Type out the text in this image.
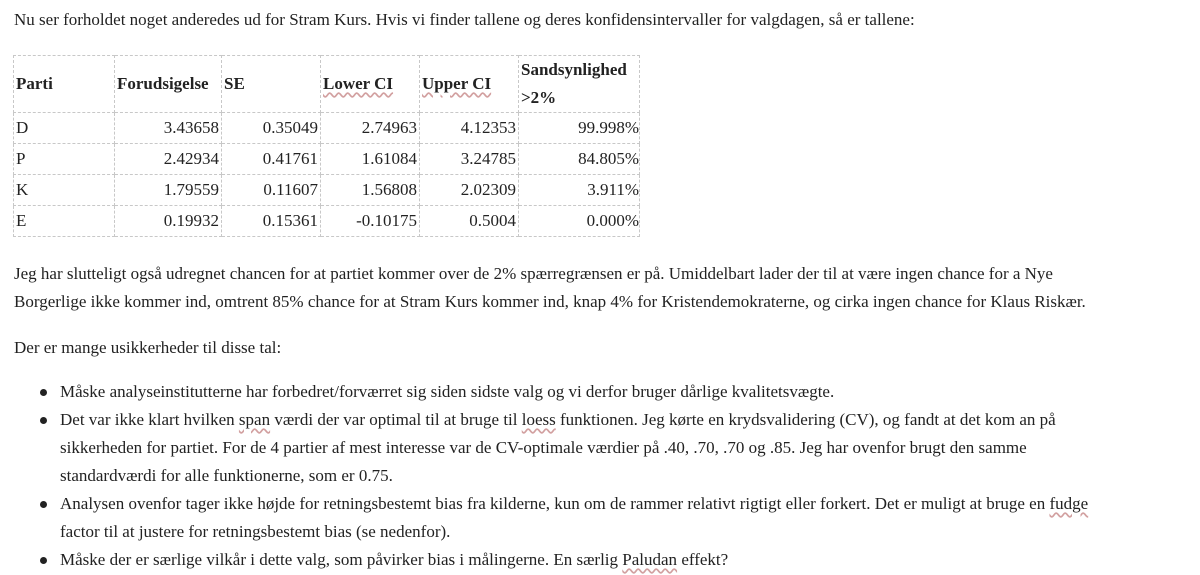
Nu ser forholdet noget anderedes ud for Stram Kurs. Hvis vi finder tallene og deres konfidensintervaller for valgdagen, så er tallene:

Parti	Forudsigelse	SE	Lower CI	Upper CI	Sandsynlighed
>2%
D	3.43658	0.35049	2.74963	4.12353	99.998%
P	2.42934	0.41761	1.61084	3.24785	84.805%
K	1.79559	0.11607	1.56808	2.02309	3.911%
E	0.19932	0.15361	-0.10175	0.5004	0.000%

Jeg har slutteligt også udregnet chancen for at partiet kommer over de 2% spærregrænsen er på. Umiddelbart lader der til at være ingen chance for a Nye
Borgerlige ikke kommer ind, omtrent 85% chance for at Stram Kurs kommer ind, knap 4% for Kristendemokraterne, og cirka ingen chance for Klaus Riskær.

Der er mange usikkerheder til disse tal:

Måske analyseinstitutterne har forbedret/forværret sig siden sidste valg og vi derfor bruger dårlige kvalitetsvægte.
Det var ikke klart hvilken span værdi der var optimal til at bruge til loess funktionen. Jeg kørte en krydsvalidering (CV), og fandt at det kom an på
sikkerheden for partiet. For de 4 partier af mest interesse var de CV-optimale værdier på .40, .70, .70 og .85. Jeg har ovenfor brugt den samme
standardværdi for alle funktionerne, som er 0.75.
Analysen ovenfor tager ikke højde for retningsbestemt bias fra kilderne, kun om de rammer relativt rigtigt eller forkert. Det er muligt at bruge en fudge
factor til at justere for retningsbestemt bias (se nedenfor).
Måske der er særlige vilkår i dette valg, som påvirker bias i målingerne. En særlig Paludan effekt?
